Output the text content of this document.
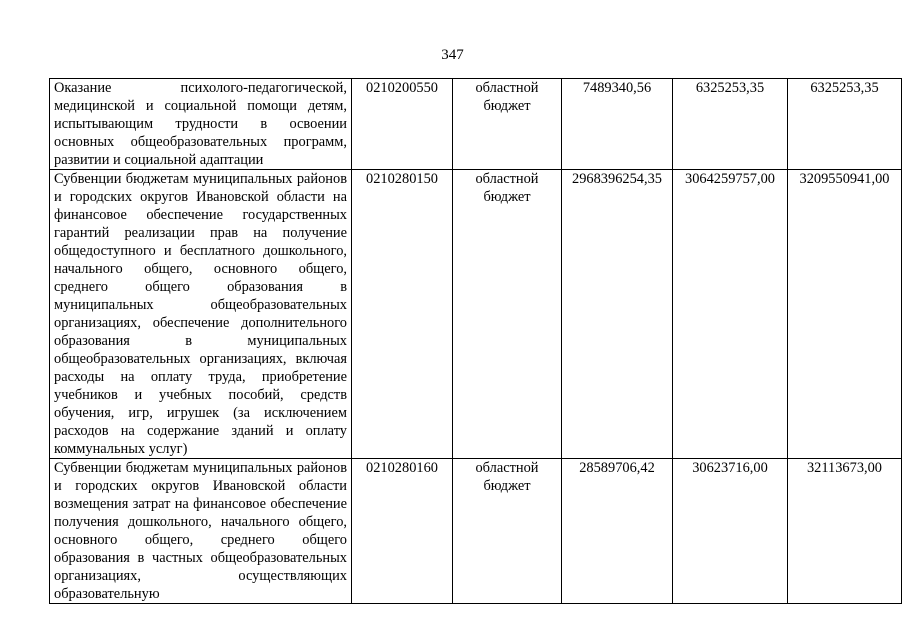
347
Оказание психолого-педагогической, медицинской и социальной помощи детям, испытывающим трудности в освоении основных общеобразовательных программ, развитии и социальной адаптации	0210200550	областной бюджет	7489340,56	6325253,35	6325253,35
Субвенции бюджетам муниципальных районов и городских округов Ивановской области на финансовое обеспечение государственных гарантий реализации прав на получение общедоступного и бесплатного дошкольного, начального общего, основного общего, среднего общего образования в муниципальных общеобразовательных организациях, обеспечение дополнительного образования в муниципальных общеобразовательных организациях, включая расходы на оплату труда, приобретение учебников и учебных пособий, средств обучения, игр, игрушек (за исключением расходов на содержание зданий и оплату коммунальных услуг)	0210280150	областной бюджет	2968396254,35	3064259757,00	3209550941,00
Субвенции бюджетам муниципальных районов и городских округов Ивановской области возмещения затрат на финансовое обеспечение получения дошкольного, начального общего, основного общего, среднего общего образования в частных общеобразовательных организациях, осуществляющих образовательную	0210280160	областной бюджет	28589706,42	30623716,00	32113673,00
